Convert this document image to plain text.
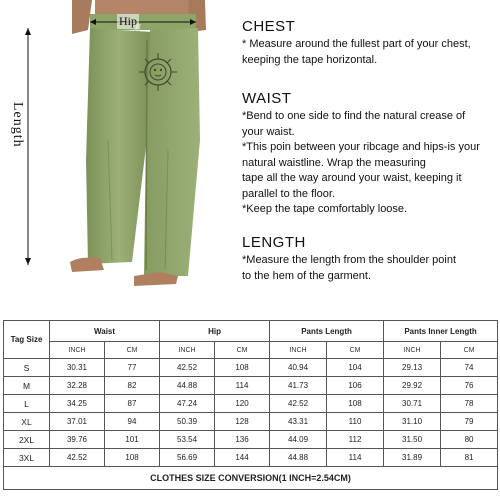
Hip
Length
CHEST

* Measure around the fullest part of your chest,
keeping the tape horizontal.

WAIST

*Bend to one side to find the natural crease of
your waist.
*This poin between your ribcage and hips-is your
natural waistline. Wrap the measuring
tape all the way around your waist, keeping it
parallel to the floor.
*Keep the tape comfortably loose.

LENGTH

*Measure the length from the shoulder point
to the hem of the garment.

Tag Size	Waist		Hip		Pants Length		Pants Inner Length	
	INCH	CM	INCH	CM	INCH	CM	INCH	CM
S	30.31	77	42.52	108	40.94	104	29.13	74
M	32.28	82	44.88	114	41.73	106	29.92	76
L	34.25	87	47.24	120	42.52	108	30.71	78
XL	37.01	94	50.39	128	43.31	110	31.10	79
2XL	39.76	101	53.54	136	44.09	112	31.50	80
3XL	42.52	108	56.69	144	44.88	114	31.89	81
CLOTHES SIZE CONVERSION(1 INCH=2.54CM)								
